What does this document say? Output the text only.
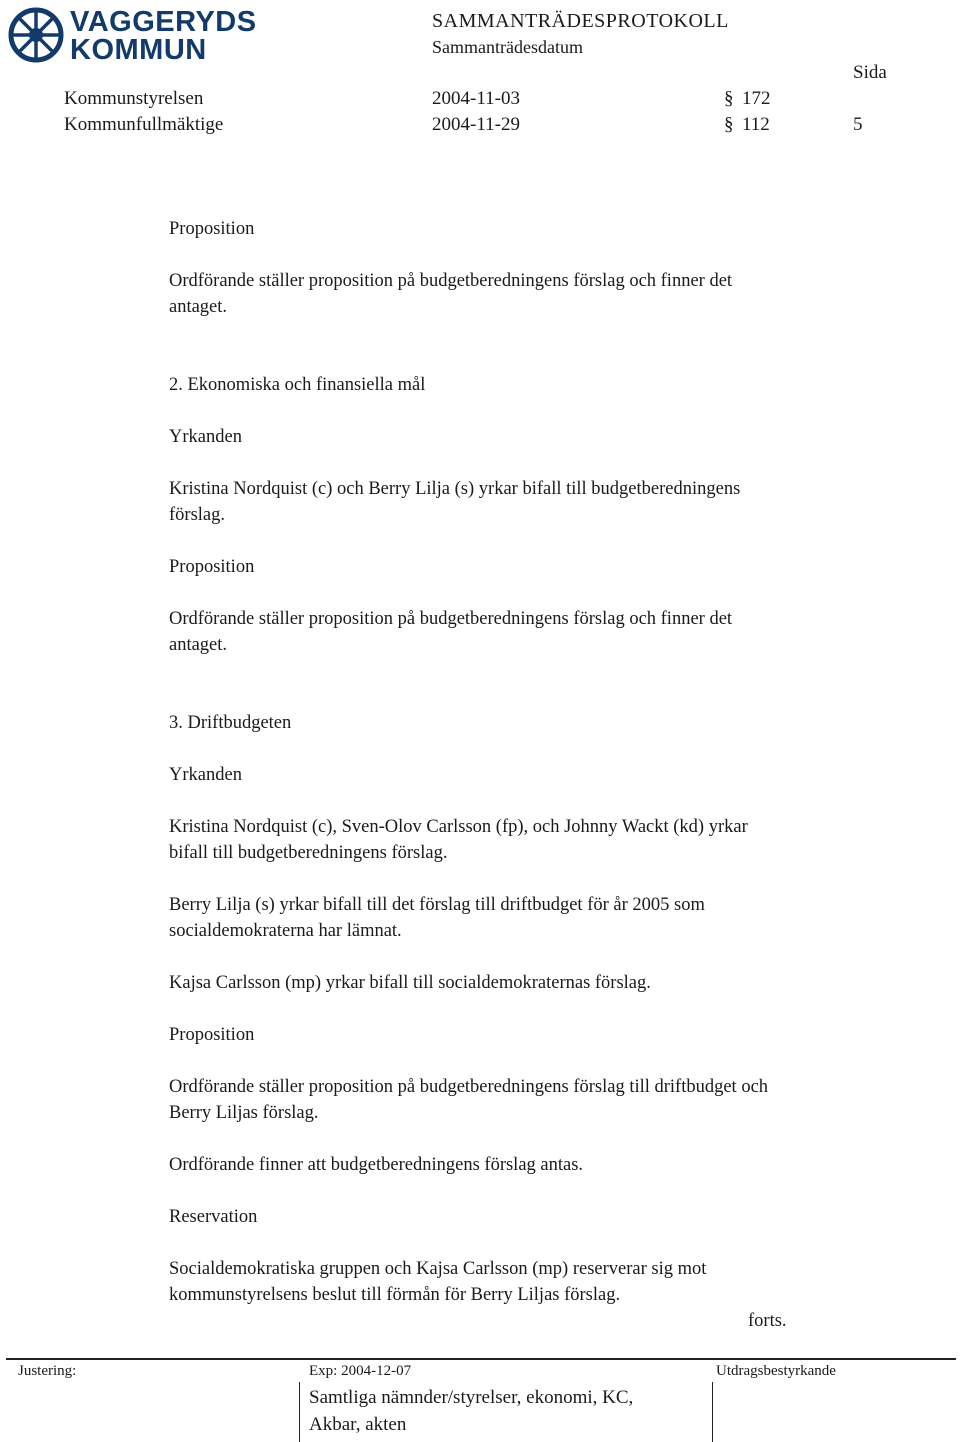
VAGGERYDS
KOMMUN
SAMMANTRÄDESPROTOKOLL
Sammanträdesdatum
Sida
Kommunstyrelsen	2004-11-03	§ 172
Kommunfullmäktige	2004-11-29	§ 112	5
Proposition
Ordförande ställer proposition på budgetberedningens förslag och finner det
antaget.
2. Ekonomiska och finansiella mål
Yrkanden
Kristina Nordquist (c) och Berry Lilja (s) yrkar bifall till budgetberedningens
förslag.
Proposition
Ordförande ställer proposition på budgetberedningens förslag och finner det
antaget.
3. Driftbudgeten
Yrkanden
Kristina Nordquist (c), Sven-Olov Carlsson (fp), och Johnny Wackt (kd) yrkar
bifall till budgetberedningens förslag.
Berry Lilja (s) yrkar bifall till det förslag till driftbudget för år 2005 som
socialdemokraterna har lämnat.
Kajsa Carlsson (mp) yrkar bifall till socialdemokraternas förslag.
Proposition
Ordförande ställer proposition på budgetberedningens förslag till driftbudget och
Berry Liljas förslag.
Ordförande finner att budgetberedningens förslag antas.
Reservation
Socialdemokratiska gruppen och Kajsa Carlsson (mp) reserverar sig mot
kommunstyrelsens beslut till förmån för Berry Liljas förslag.
forts.
Justering:	Exp: 2004-12-07	Utdragsbestyrkande
Samtliga nämnder/styrelser, ekonomi, KC,
Akbar, akten
